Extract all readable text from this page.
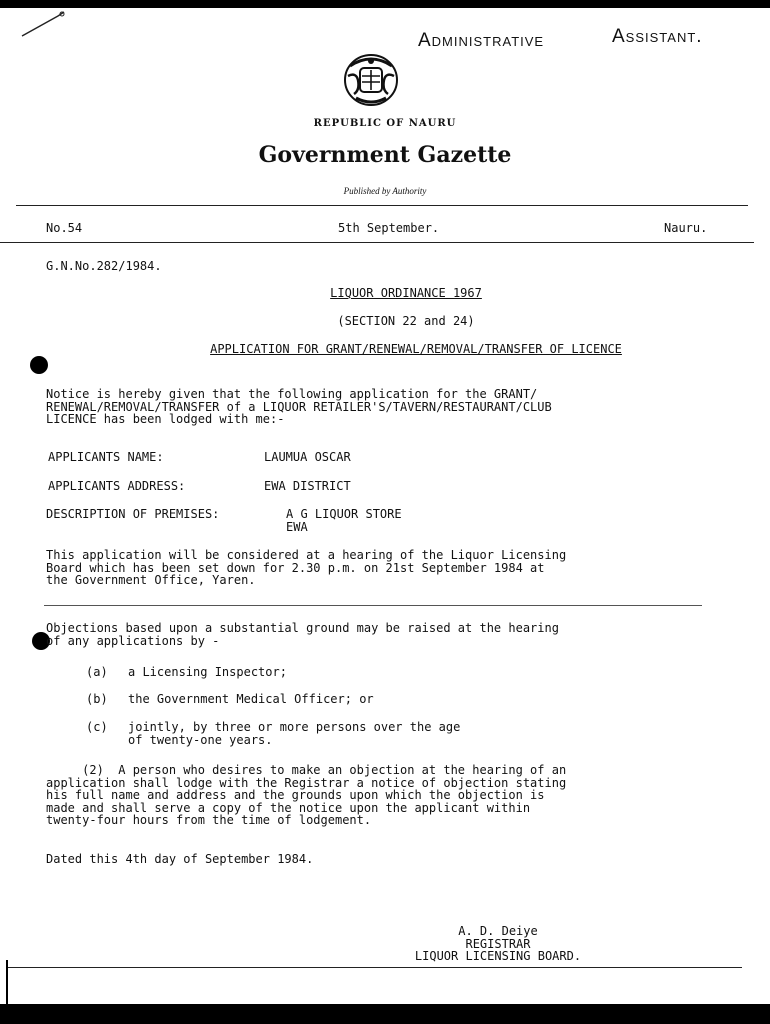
Administrative	Assistant.
REPUBLIC OF NAURU
Government Gazette
Published by Authority
No.54	5th September.	Nauru.
G.N.No.282/1984.
LIQUOR ORDINANCE 1967
(SECTION 22 and 24)
APPLICATION FOR GRANT/RENEWAL/REMOVAL/TRANSFER OF LICENCE
Notice is hereby given that the following application for the GRANT/
RENEWAL/REMOVAL/TRANSFER of a LIQUOR RETAILER'S/TAVERN/RESTAURANT/CLUB
LICENCE has been lodged with me:-
APPLICANTS NAME:	LAUMUA OSCAR
APPLICANTS ADDRESS:	EWA DISTRICT
DESCRIPTION OF PREMISES:	A G LIQUOR STORE
EWA
This application will be considered at a hearing of the Liquor Licensing
Board which has been set down for 2.30 p.m. on 21st September 1984 at
the Government Office, Yaren.
Objections based upon a substantial ground may be raised at the hearing
of any applications by -
(a) a Licensing Inspector;
(b) the Government Medical Officer; or
(c) jointly, by three or more persons over the age
of twenty-one years.
(2)  A person who desires to make an objection at the hearing of an
application shall lodge with the Registrar a notice of objection stating
his full name and address and the grounds upon which the objection is
made and shall serve a copy of the notice upon the applicant within
twenty-four hours from the time of lodgement.
Dated this 4th day of September 1984.
A. D. Deiye
REGISTRAR
LIQUOR LICENSING BOARD.
